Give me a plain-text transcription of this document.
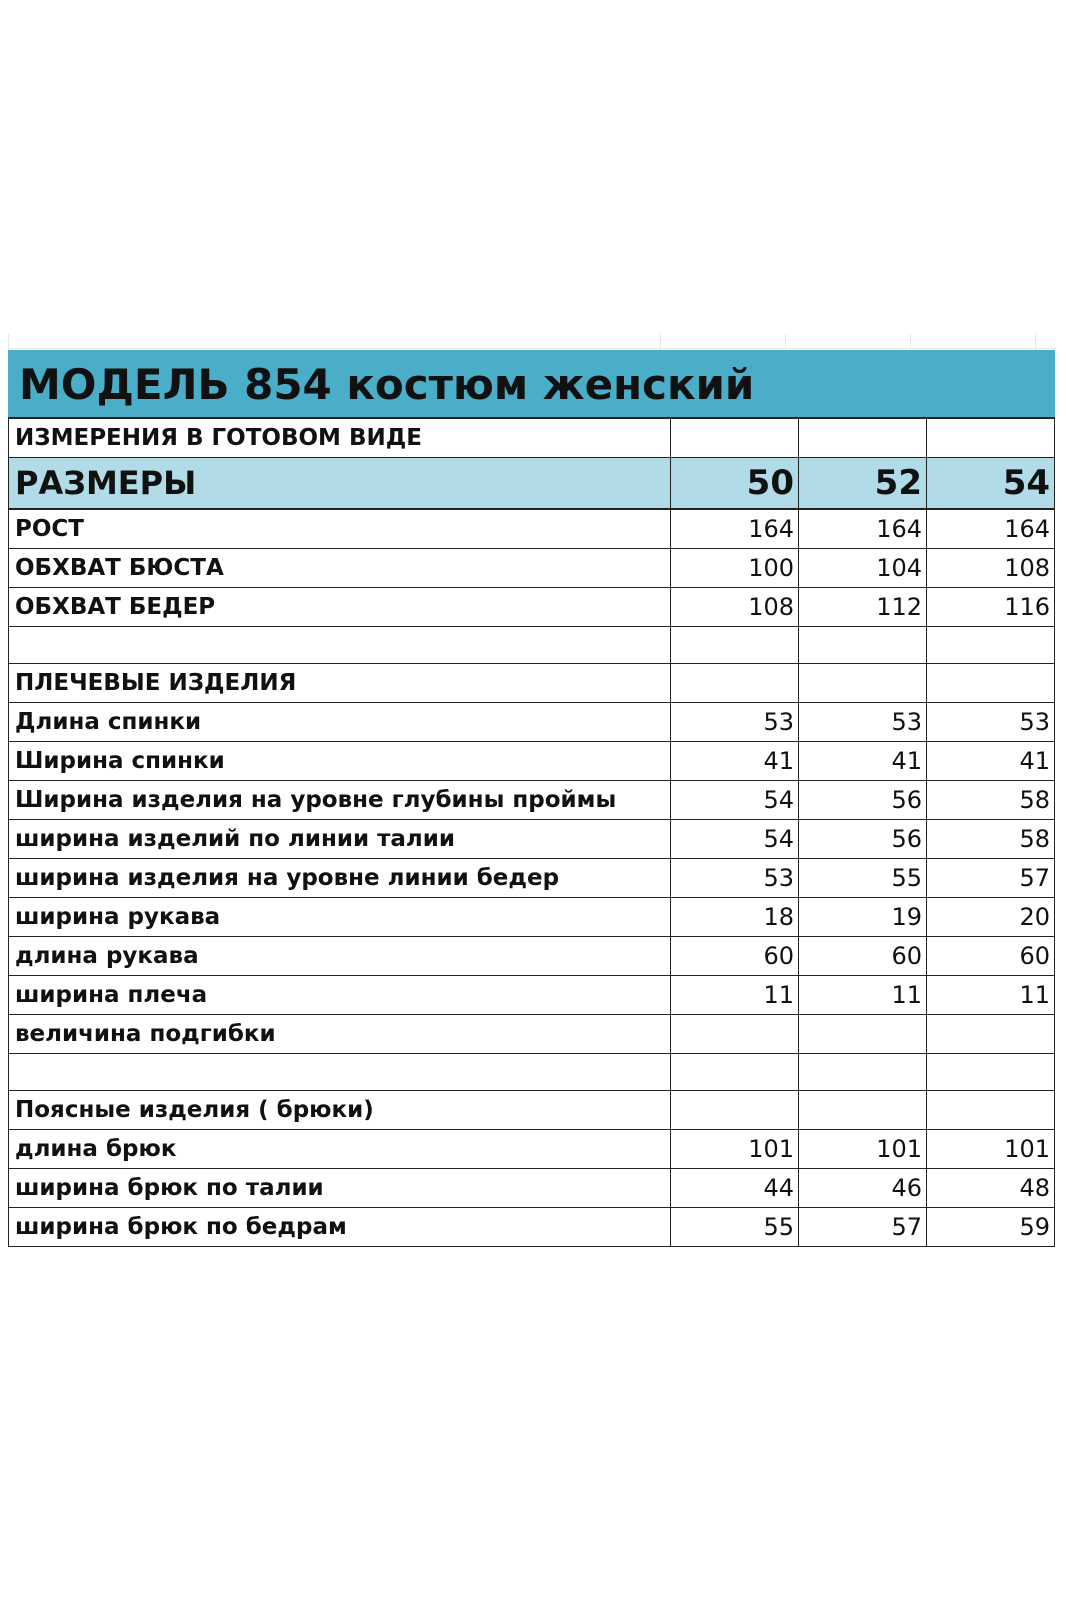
МОДЕЛЬ 854 костюм женский			
ИЗМЕРЕНИЯ В ГОТОВОМ ВИДЕ			
РАЗМЕРЫ	50	52	54
РОСТ	164	164	164
ОБХВАТ БЮСТА	100	104	108
ОБХВАТ БЕДЕР	108	112	116

ПЛЕЧЕВЫЕ ИЗДЕЛИЯ			
Длина спинки	53	53	53
Ширина спинки	41	41	41
Ширина изделия на уровне глубины проймы	54	56	58
ширина изделий по линии талии	54	56	58
ширина изделия на уровне линии бедер	53	55	57
ширина рукава	18	19	20
длина рукава	60	60	60
ширина плеча	11	11	11
величина подгибки			

Поясные изделия ( брюки)			
длина брюк	101	101	101
ширина брюк по талии	44	46	48
ширина брюк по бедрам	55	57	59
